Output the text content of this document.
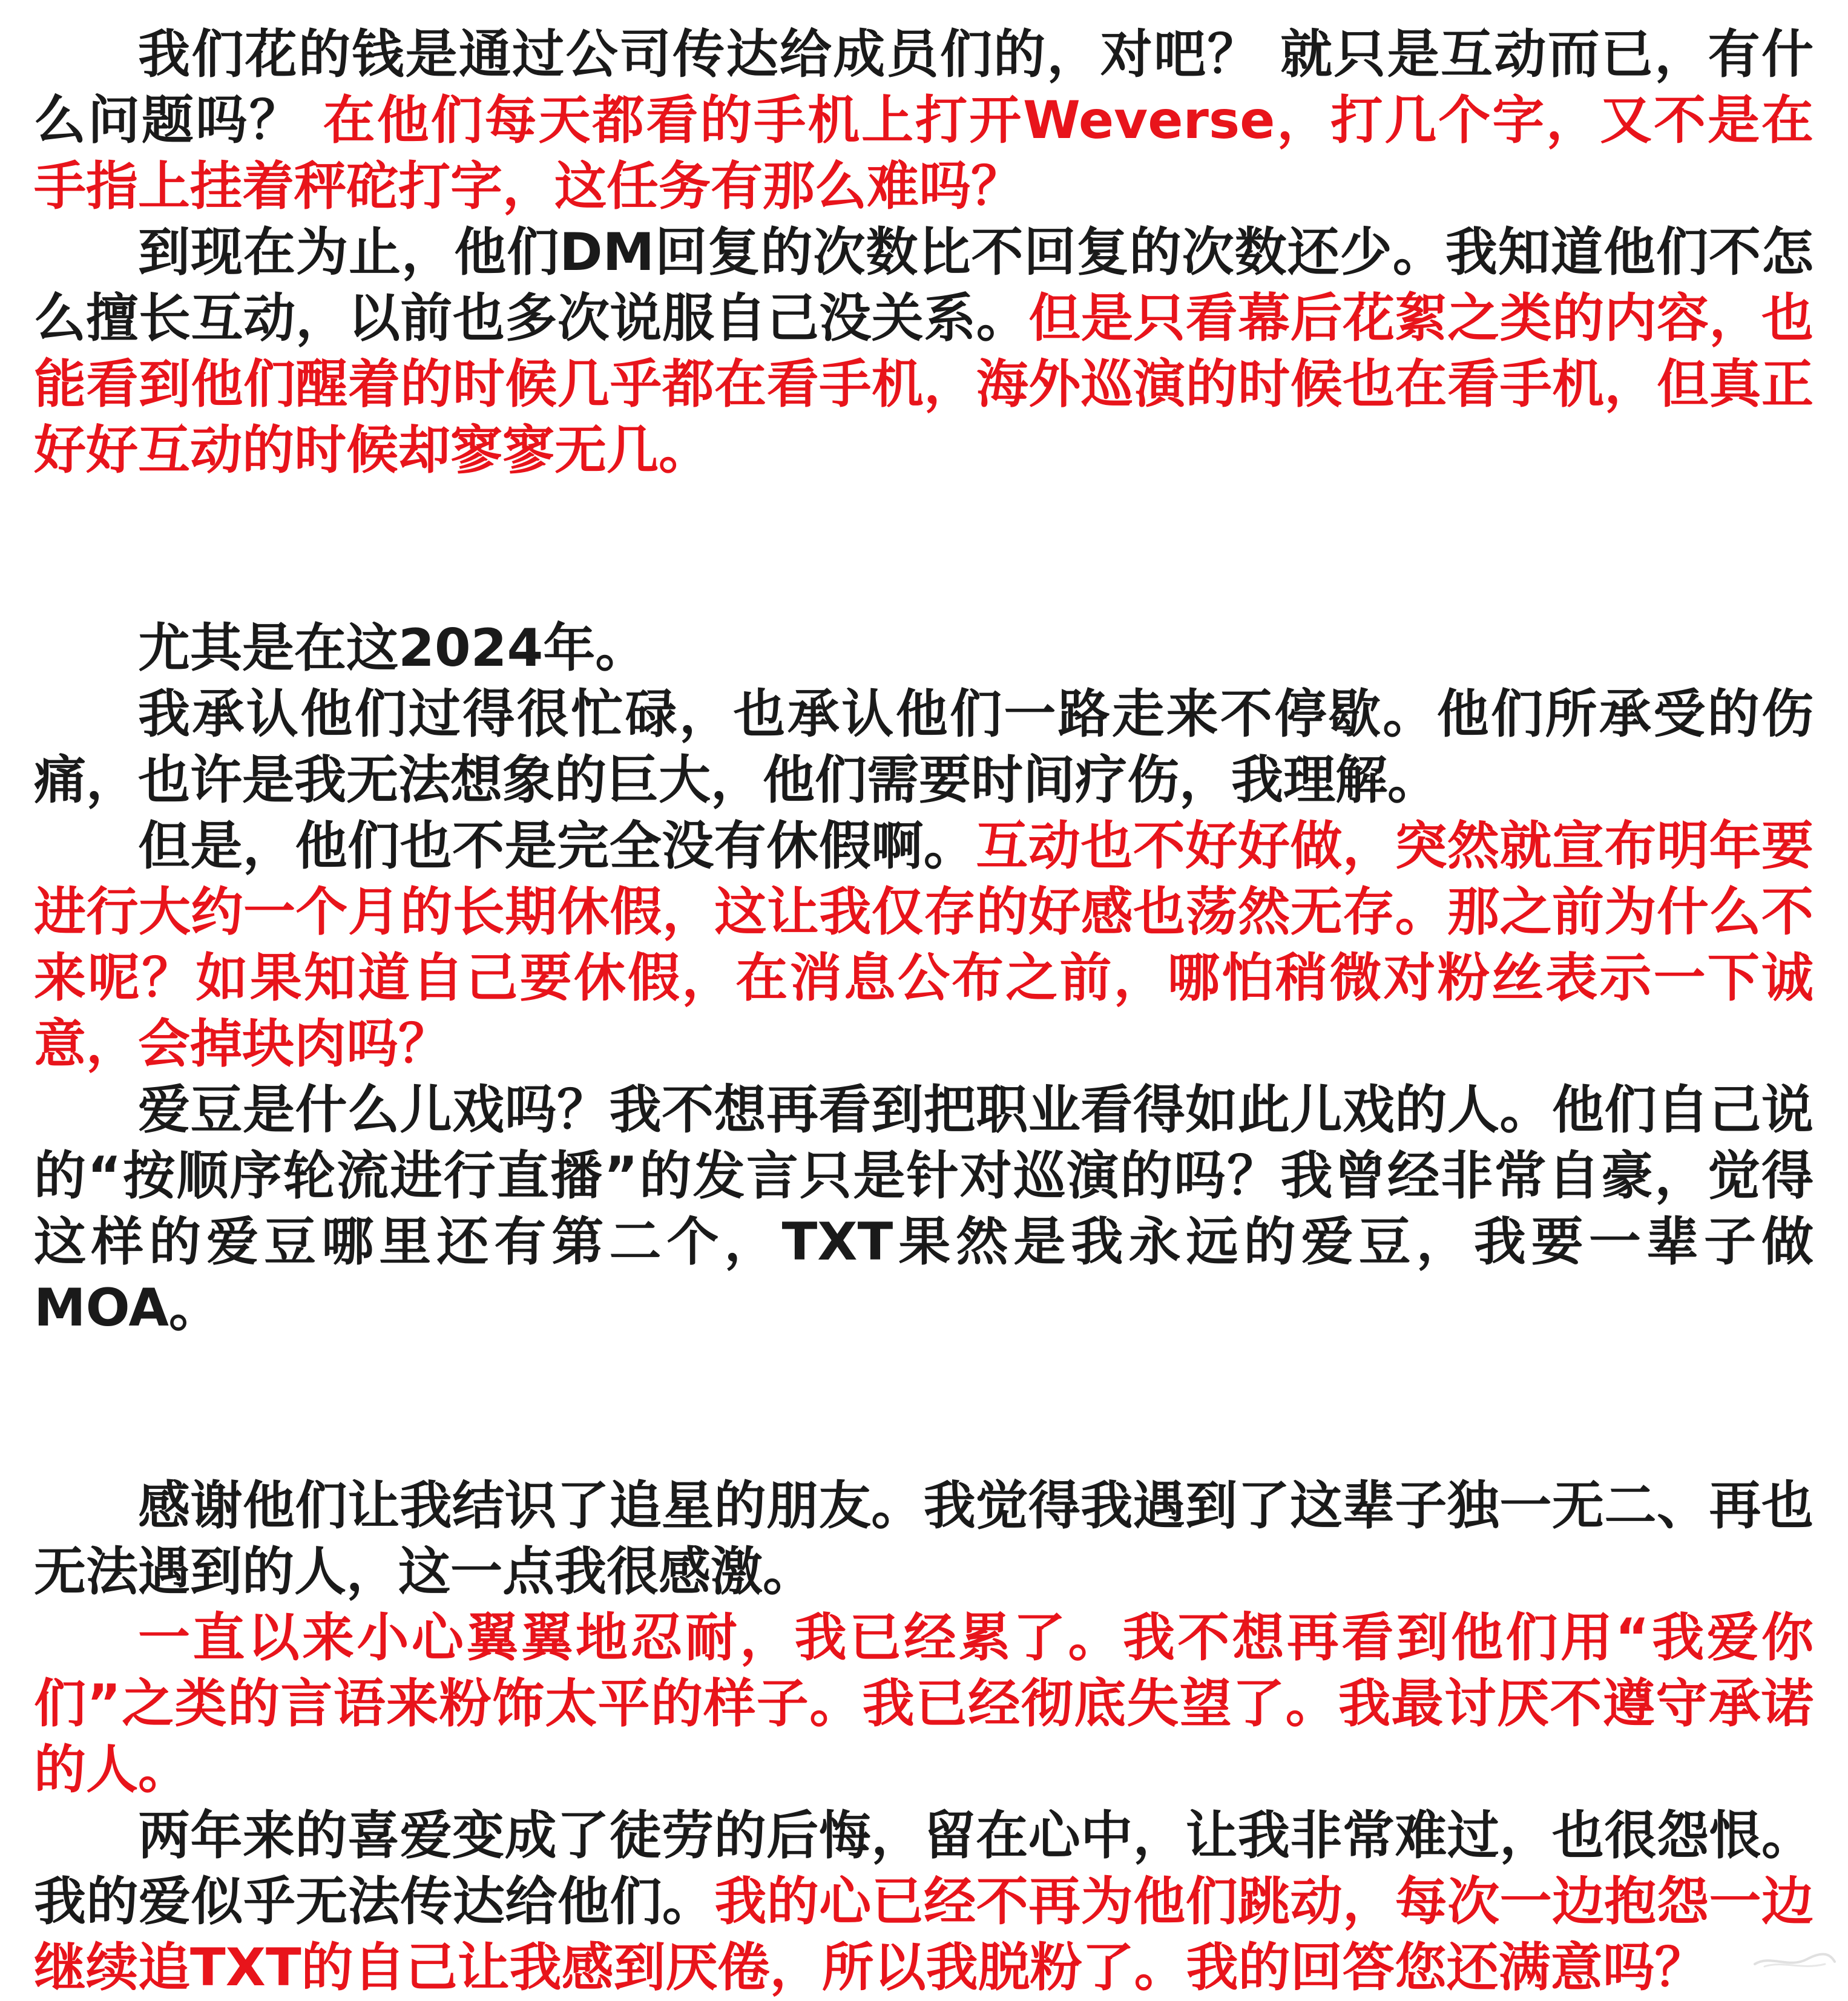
我们花的钱是通过公司传达给成员们的，对吧？ 就只是互动而已，有什么问题吗？ 在他们每天都看的手机上打开Weverse，打几个字，又不是在手指上挂着秤砣打字，这任务有那么难吗？

到现在为止，他们DM回复的次数比不回复的次数还少。我知道他们不怎么擅长互动，以前也多次说服自己没关系。但是只看幕后花絮之类的内容，也能看到他们醒着的时候几乎都在看手机，海外巡演的时候也在看手机，但真正好好互动的时候却寥寥无几。

尤其是在这2024年。

我承认他们过得很忙碌，也承认他们一路走来不停歇。他们所承受的伤痛，也许是我无法想象的巨大，他们需要时间疗伤，我理解。

但是，他们也不是完全没有休假啊。互动也不好好做，突然就宣布明年要进行大约一个月的长期休假，这让我仅存的好感也荡然无存。那之前为什么不来呢？如果知道自己要休假，在消息公布之前，哪怕稍微对粉丝表示一下诚意，会掉块肉吗？

爱豆是什么儿戏吗？我不想再看到把职业看得如此儿戏的人。他们自己说的“按顺序轮流进行直播”的发言只是针对巡演的吗？我曾经非常自豪，觉得这样的爱豆哪里还有第二个，TXT果然是我永远的爱豆，我要一辈子做MOA。

感谢他们让我结识了追星的朋友。我觉得我遇到了这辈子独一无二、再也无法遇到的人，这一点我很感激。

一直以来小心翼翼地忍耐，我已经累了。我不想再看到他们用“我爱你们”之类的言语来粉饰太平的样子。我已经彻底失望了。我最讨厌不遵守承诺的人。

两年来的喜爱变成了徒劳的后悔，留在心中，让我非常难过，也很怨恨。我的爱似乎无法传达给他们。我的心已经不再为他们跳动，每次一边抱怨一边继续追TXT的自己让我感到厌倦，所以我脱粉了。我的回答您还满意吗？
